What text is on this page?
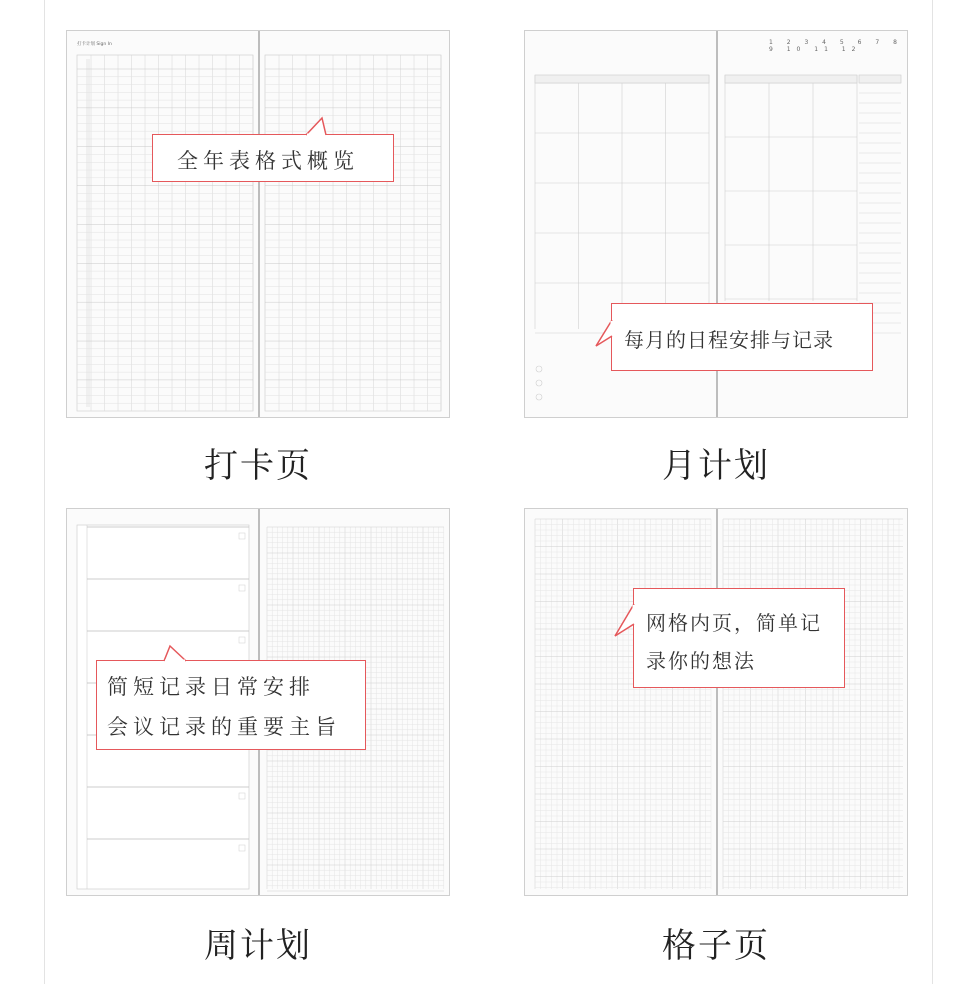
打卡计划 Sign In
打卡页
1 2 3 4 5 6 7 8 9 10 11 12
月计划
周计划	格子页
全年表格式概览
每月的日程安排与记录
简短记录日常安排
会议记录的重要主旨
网格内页，简单记
录你的想法
